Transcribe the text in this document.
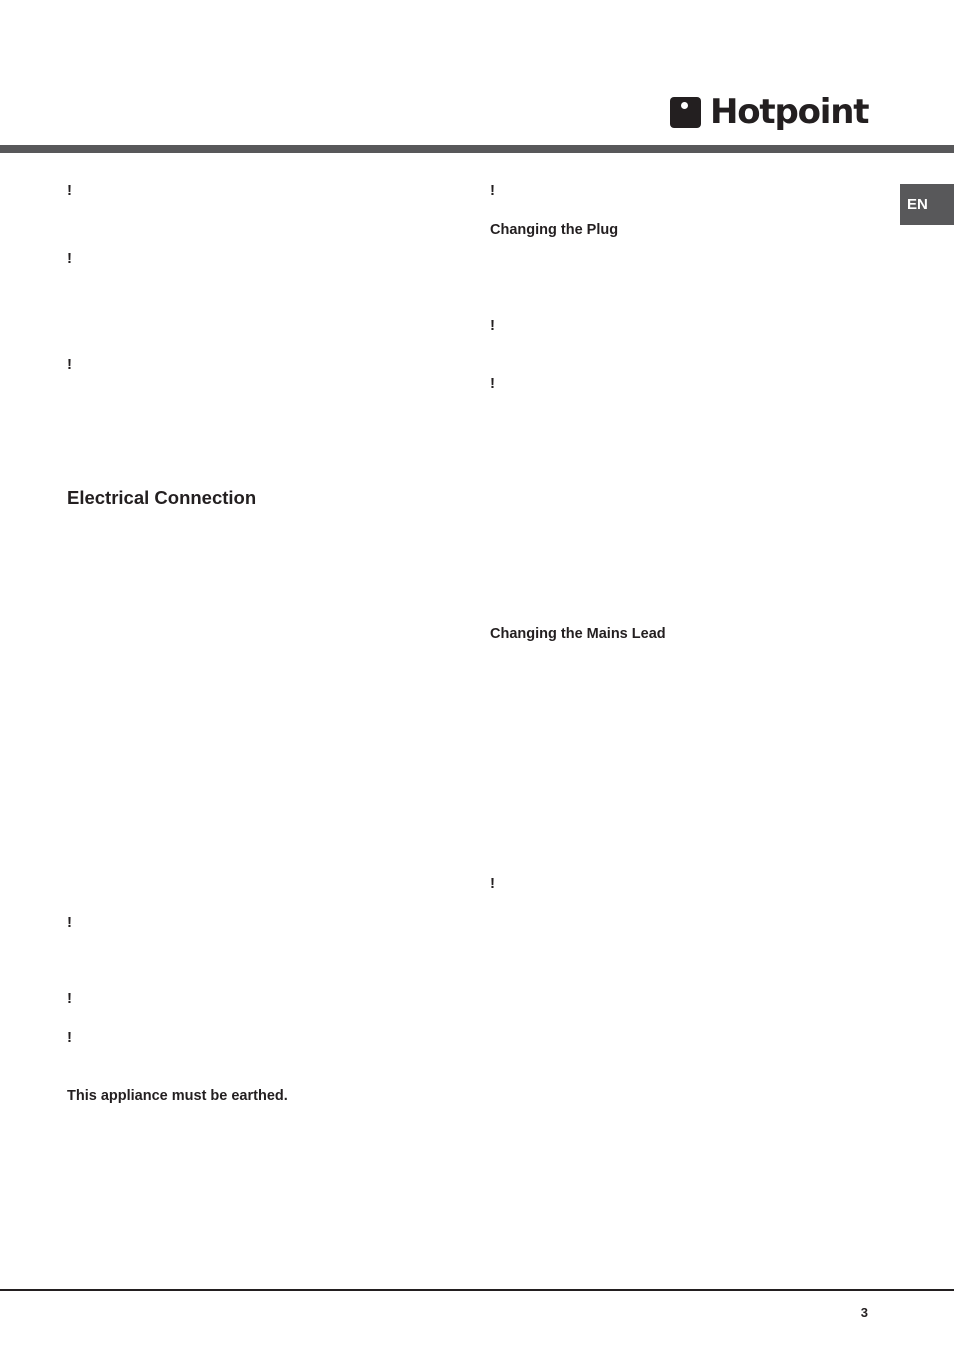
Hotpoint
EN
!
!
!
Electrical Connection
!
!
!
This appliance must be earthed.
!
Changing the Plug
!
!
Changing the Mains Lead
!
3
